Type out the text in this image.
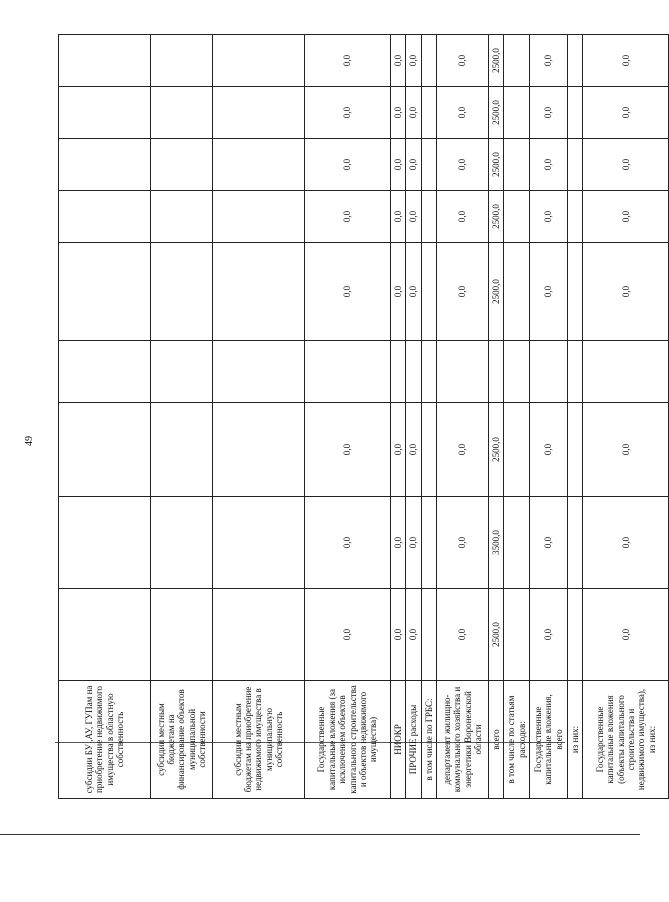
49
субсидии БУ ,АУ, ГУПам на приобретение недвижимого имущества в областную собственность									
субсидии местным бюджетам на финансирование объектов муниципальной собственности									
субсидии местным бюджетам на приобретение недвижимого имущества в муниципальную собственность									
Государственные капитальные вложения (за исключением объектов капитального строительства и объектов недвижимого имущества)	0,0	0,0	0,0		0,0	0,0	0,0	0,0	0,0
НИОКР	0,0	0,0	0,0		0,0	0,0	0,0	0,0	0,0
ПРОЧИЕ расходы	0,0	0,0	0,0		0,0	0,0	0,0	0,0	0,0
в том числе по ГРБС:									
департамент жилищно-коммунального хозяйства и энергетики Воронежской области	0,0	0,0	0,0		0,0	0,0	0,0	0,0	0,0
всего	2500,0	3500,0	2500,0		2500,0	2500,0	2500,0	2500,0	2500,0
в том числе по статьям расходов:									
Государственные капитальные вложения, всего	0,0	0,0	0,0		0,0	0,0	0,0	0,0	0,0
из них:									
Государственные капитальные вложения (объекты капитального строительства и недвижимого имущества), из них:	0,0	0,0	0,0		0,0	0,0	0,0	0,0	0,0
